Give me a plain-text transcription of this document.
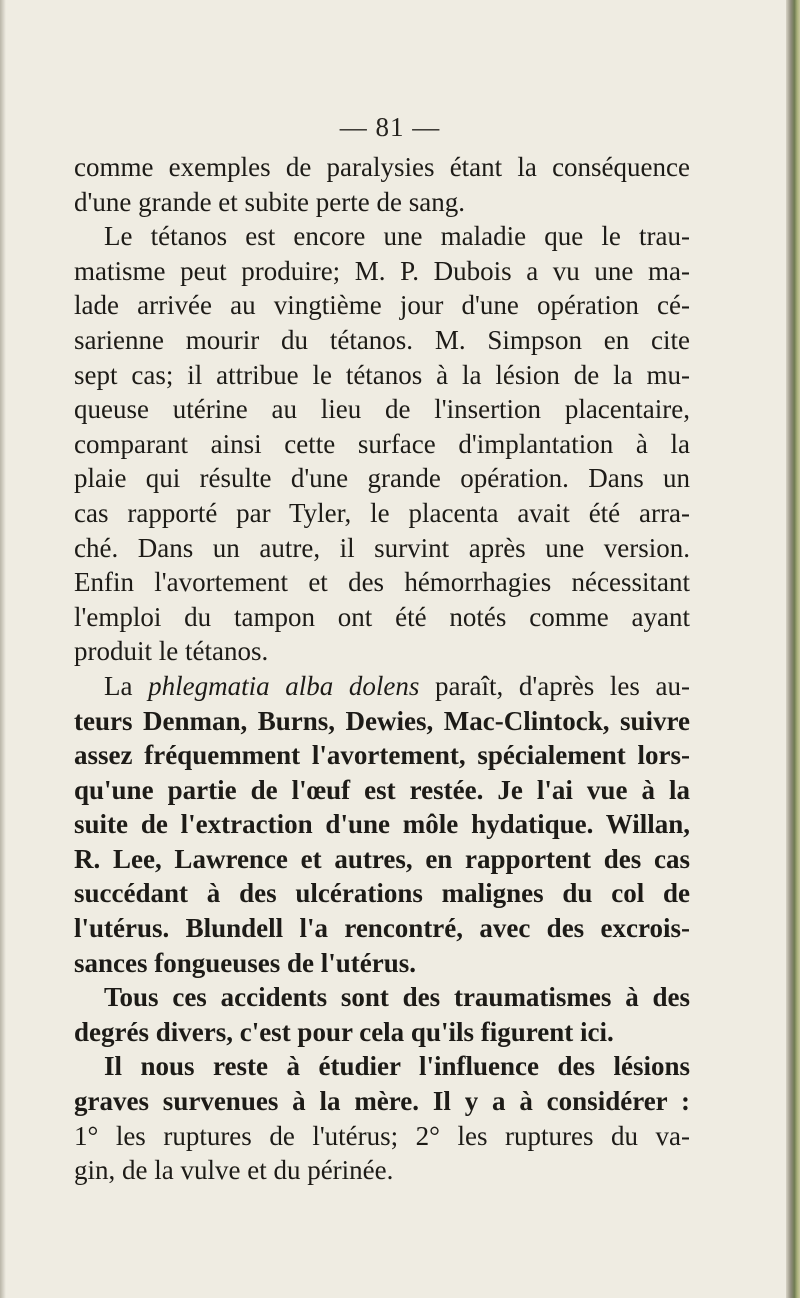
— 81 —
comme exemples de paralysies étant la conséquence
d'une grande et subite perte de sang.
Le tétanos est encore une maladie que le trau-
matisme peut produire; M. P. Dubois a vu une ma-
lade arrivée au vingtième jour d'une opération cé-
sarienne mourir du tétanos. M. Simpson en cite
sept cas; il attribue le tétanos à la lésion de la mu-
queuse utérine au lieu de l'insertion placentaire,
comparant ainsi cette surface d'implantation à la
plaie qui résulte d'une grande opération. Dans un
cas rapporté par Tyler, le placenta avait été arra-
ché. Dans un autre, il survint après une version.
Enfin l'avortement et des hémorrhagies nécessitant
l'emploi du tampon ont été notés comme ayant
produit le tétanos.
La phlegmatia alba dolens paraît, d'après les au-
teurs Denman, Burns, Dewies, Mac-Clintock, suivre
assez fréquemment l'avortement, spécialement lors-
qu'une partie de l'œuf est restée. Je l'ai vue à la
suite de l'extraction d'une môle hydatique. Willan,
R. Lee, Lawrence et autres, en rapportent des cas
succédant à des ulcérations malignes du col de
l'utérus. Blundell l'a rencontré, avec des excrois-
sances fongueuses de l'utérus.
Tous ces accidents sont des traumatismes à des
degrés divers, c'est pour cela qu'ils figurent ici.
Il nous reste à étudier l'influence des lésions
graves survenues à la mère. Il y a à considérer :
1° les ruptures de l'utérus; 2° les ruptures du va-
gin, de la vulve et du périnée.
